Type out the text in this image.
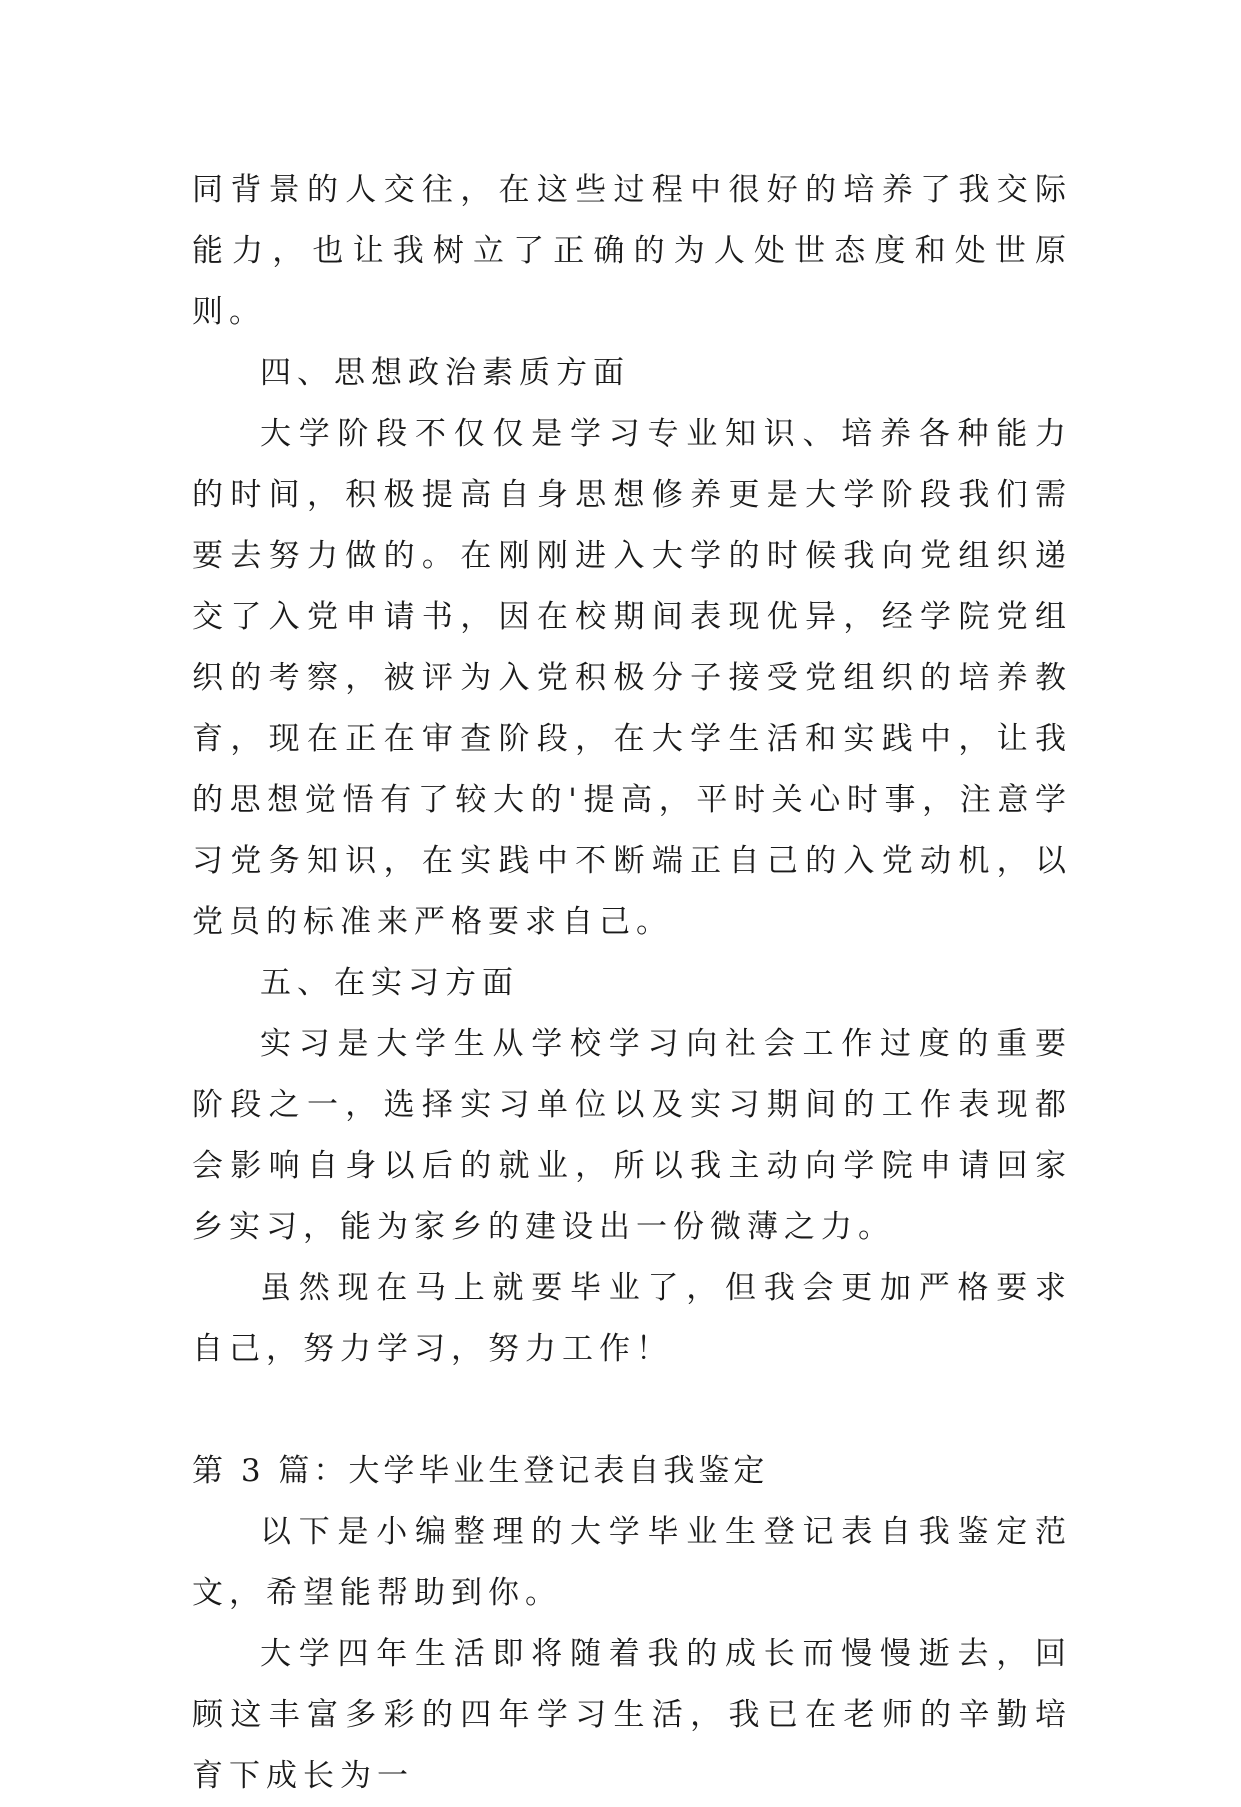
同背景的人交往，在这些过程中很好的培养了我交际能力，也让我树立了正确的为人处世态度和处世原则。

四、思想政治素质方面

大学阶段不仅仅是学习专业知识、培养各种能力的时间，积极提高自身思想修养更是大学阶段我们需要去努力做的。在刚刚进入大学的时候我向党组织递交了入党申请书，因在校期间表现优异，经学院党组织的考察，被评为入党积极分子接受党组织的培养教育，现在正在审查阶段，在大学生活和实践中，让我的思想觉悟有了较大的'提高，平时关心时事，注意学习党务知识，在实践中不断端正自己的入党动机，以党员的标准来严格要求自己。

五、在实习方面

实习是大学生从学校学习向社会工作过度的重要阶段之一，选择实习单位以及实习期间的工作表现都会影响自身以后的就业，所以我主动向学院申请回家乡实习，能为家乡的建设出一份微薄之力。

虽然现在马上就要毕业了，但我会更加严格要求自己，努力学习，努力工作！

第 3 篇：大学毕业生登记表自我鉴定

以下是小编整理的大学毕业生登记表自我鉴定范文，希望能帮助到你。

大学四年生活即将随着我的成长而慢慢逝去，回顾这丰富多彩的四年学习生活，我已在老师的辛勤培育下成长为一
